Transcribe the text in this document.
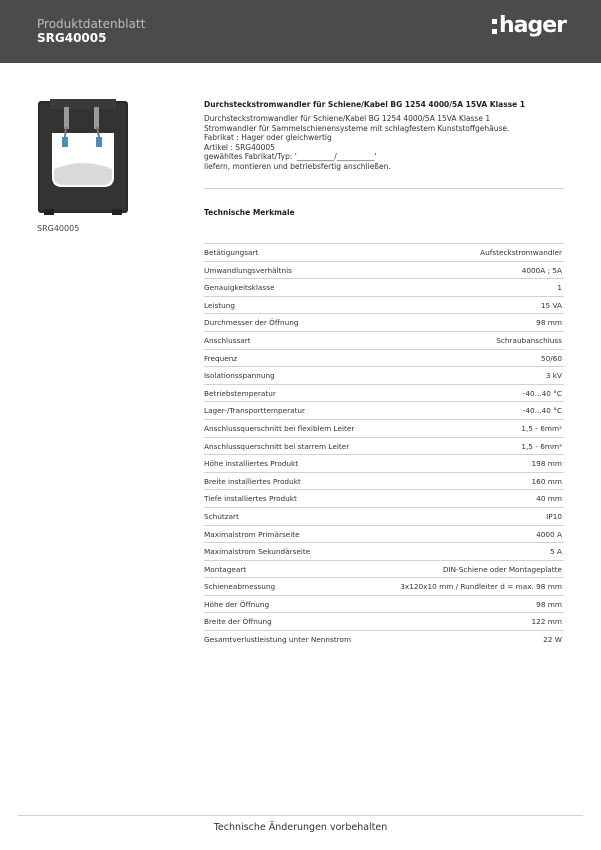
Produktdatenblatt
SRG40005	hager
SRG40005
Durchsteckstromwandler für Schiene/Kabel BG 1254 4000/5A 15VA Klasse 1
Durchsteckstromwandler für Schiene/Kabel BG 1254 4000/5A 15VA Klasse 1
Stromwandler für Sammelschienensysteme mit schlagfestem Kunststoffgehäuse.
Fabrikat : Hager oder gleichwertig
Artikel : SRG40005
gewähltes Fabrikat/Typ: '__________/__________'
liefern, montieren und betriebsfertig anschließen.
Technische Merkmale
Betätigungsart	Aufsteckstromwandler
Umwandlungsverhältnis	4000A ; 5A
Genauigkeitsklasse	1
Leistung	15 VA
Durchmesser der Öffnung	98 mm
Anschlussart	Schraubanschluss
Frequenz	50/60
Isolationsspannung	3 kV
Betriebstemperatur	-40...40 °C
Lager-/Transporttemperatur	-40...40 °C
Anschlussquerschnitt bei flexiblem Leiter	1,5 - 6mm²
Anschlussquerschnitt bei starrem Leiter	1,5 - 6mm²
Höhe installiertes Produkt	198 mm
Breite installiertes Produkt	160 mm
Tiefe installiertes Produkt	40 mm
Schutzart	IP10
Maximalstrom Primärseite	4000 A
Maximalstrom Sekundärseite	5 A
Montageart	DIN-Schiene oder Montageplatte
Schieneabmessung	3x120x10 mm / Rundleiter d = max. 98 mm
Höhe der Öffnung	98 mm
Breite der Öffnung	122 mm
Gesamtverlustleistung unter Nennstrom	22 W
Technische Änderungen vorbehalten
